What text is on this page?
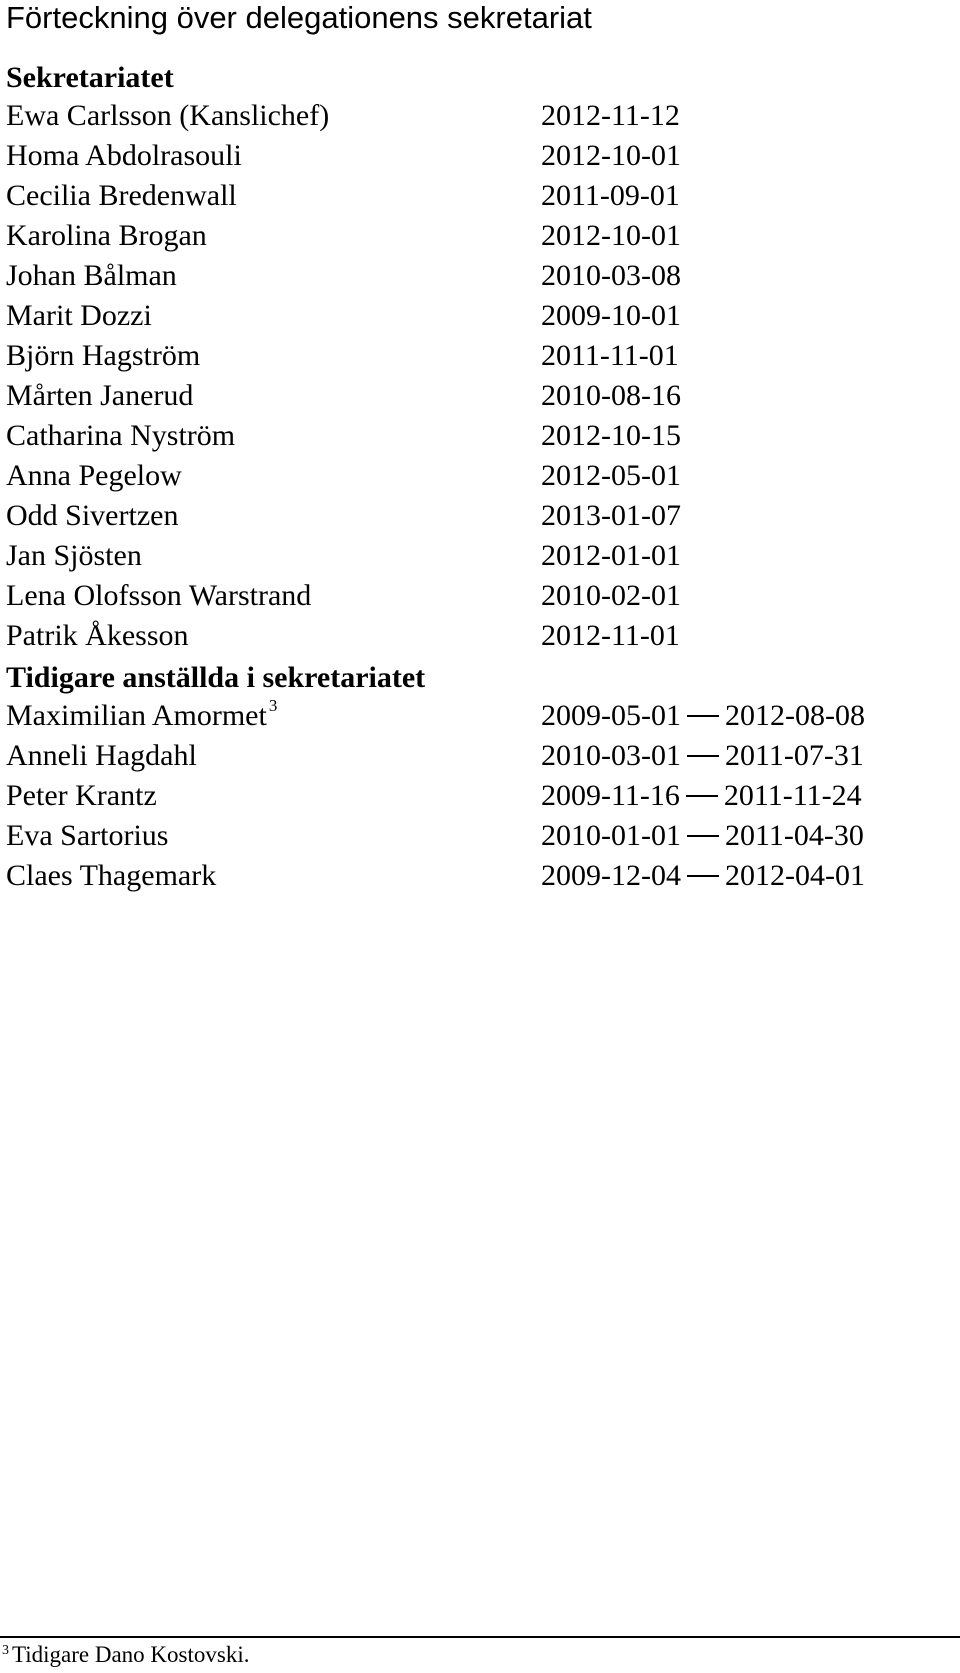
Förteckning över delegationens sekretariat
Sekretariatet
Ewa Carlsson (Kanslichef)	2012-11-12
Homa Abdolrasouli	2012-10-01
Cecilia Bredenwall	2011-09-01
Karolina Brogan	2012-10-01
Johan Bålman	2010-03-08
Marit Dozzi	2009-10-01
Björn Hagström	2011-11-01
Mårten Janerud	2010-08-16
Catharina Nyström	2012-10-15
Anna Pegelow	2012-05-01
Odd Sivertzen	2013-01-07
Jan Sjösten	2012-01-01
Lena Olofsson Warstrand	2010-02-01
Patrik Åkesson	2012-11-01
Tidigare anställda i sekretariatet
Maximilian Amormet $^3$	2009-05-01 2012-08-08
Anneli Hagdahl	2010-03-01 2011-07-31
Peter Krantz	2009-11-16 2011-11-24
Eva Sartorius	2010-01-01 2011-04-30
Claes Thagemark	2009-12-04 2012-04-01
$^3$ Tidigare Dano Kostovski.
